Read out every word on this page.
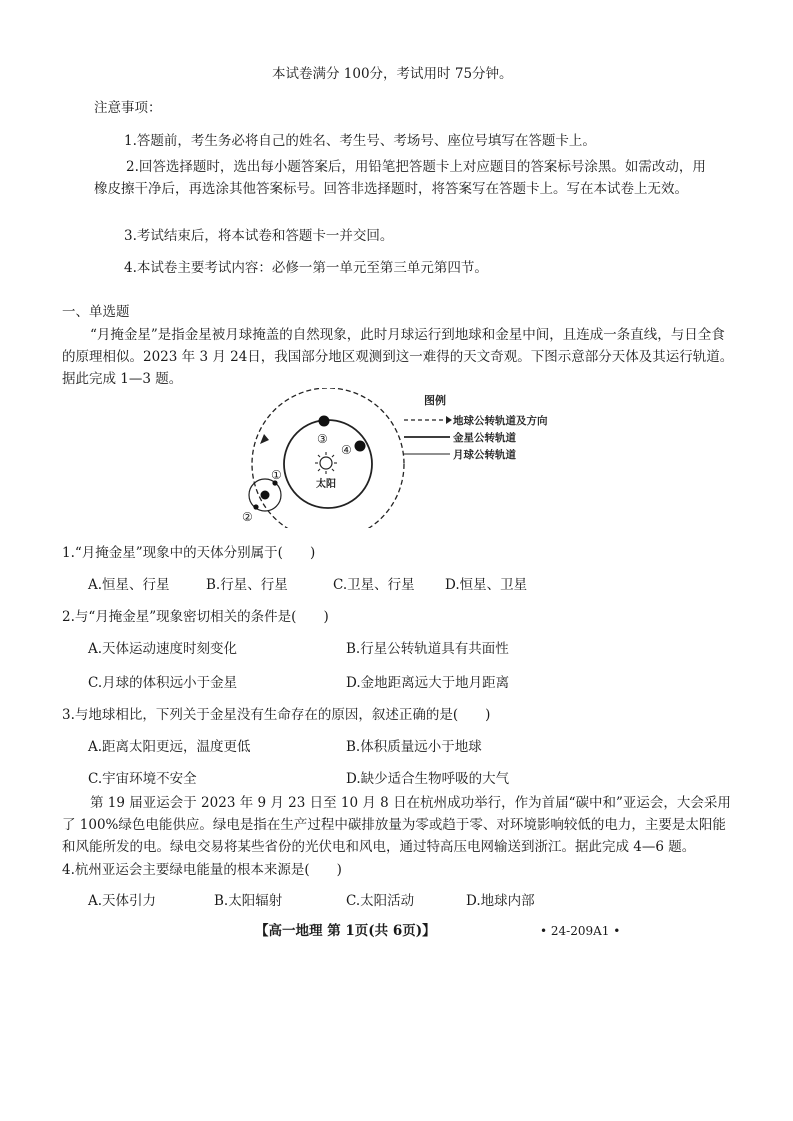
本试卷满分 100分，考试用时 75分钟。
注意事项：
1.答题前，考生务必将自己的姓名、考生号、考场号、座位号填写在答题卡上。
2.回答选择题时，选出每小题答案后，用铅笔把答题卡上对应题目的答案标号涂黑。如需改动，用橡皮擦干净后，再选涂其他答案标号。回答非选择题时，将答案写在答题卡上。写在本试卷上无效。
3.考试结束后，将本试卷和答题卡一并交回。
4.本试卷主要考试内容：必修一第一单元至第三单元第四节。
一、单选题
“月掩金星”是指金星被月球掩盖的自然现象，此时月球运行到地球和金星中间，且连成一条直线，与日全食的原理相似。2023 年 3 月 24日，我国部分地区观测到这一难得的天文奇观。下图示意部分天体及其运行轨道。据此完成 1—3 题。
太阳
③
④
①
②
图例
地球公转轨道及方向
金星公转轨道
月球公转轨道
1.“月掩金星”现象中的天体分别属于(　　)
A.恒星、行星	B.行星、行星	C.卫星、行星 D.恒星、卫星
2.与“月掩金星”现象密切相关的条件是(　　)
A.天体运动速度时刻变化	B.行星公转轨道具有共面性
C.月球的体积远小于金星	D.金地距离远大于地月距离
3.与地球相比，下列关于金星没有生命存在的原因，叙述正确的是(　　)
A.距离太阳更远，温度更低	B.体积质量远小于地球
C.宇宙环境不安全	D.缺少适合生物呼吸的大气
第 19 届亚运会于 2023 年 9 月 23 日至 10 月 8 日在杭州成功举行，作为首届“碳中和”亚运会，大会采用了 100%绿色电能供应。绿电是指在生产过程中碳排放量为零或趋于零、对环境影响较低的电力，主要是太阳能和风能所发的电。绿电交易将某些省份的光伏电和风电，通过特高压电网输送到浙江。据此完成 4—6 题。
4.杭州亚运会主要绿电能量的根本来源是(　　)
A.天体引力	B.太阳辐射	C.太阳活动	D.地球内部
【高一地理 第 1页(共 6页)】	• 24-209A1 •
